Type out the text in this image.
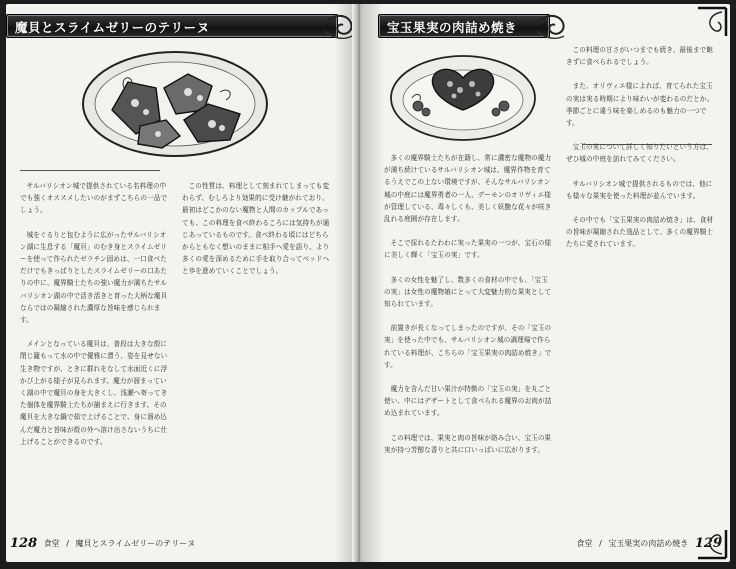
魔貝とスライムゼリーのテリーヌ

サルバリシオン城で提供されている名料理の中でも強くオススメしたいのがまずこちらの一品でしょう。

城をぐるりと包むように広がったサルバリシオン湖に生息する「魔貝」のむき身とスライムゼリーを使って作られたゼラチン固めは、一口食べただけでもきっぱりとしたスライムゼリーの口あたりの中に、魔界騎士たちの強い魔力が満ちたサルバリシオン湖の中で活き活きと育った大柄な魔貝ならではの凝縮された濃厚な旨味を感じられます。

メインとなっている魔貝は、普段は大きな殻に閉じ籠もって水の中で優雅に漂う、姿を見せない生き物ですが、ときに群れをなして水面近くに浮かび上がる様子が見られます。魔力が溜まっていく湖の中で魔貝の身を大きくし、浅瀬へ寄ってきた個体を魔界騎士たちが捕まえに行きます。その魔貝を大きな鍋で茹で上げることで、身に溜め込んだ魔力と旨味が殻の外へ溶け出さないうちに仕上げることができるのです。

この性質は、料理として刻まれてしまっても変わらず、むしろより効果的に受け継がれており、最初はどこかのない魔物と人間のカップルであっても、この料理を食べ終わるころには気持ちが通じあっているものです。食べ終わる頃にはどちらからともなく想いのままに相手へ愛を語り、より多くの愛を深めるために手を取り合ってベッドへと歩を進めていくことでしょう。

128 食堂 / 魔貝とスライムゼリーのテリーヌ
宝玉果実の肉詰め焼き

多くの魔界騎士たちが在籍し、常に濃密な魔物の魔力が満ち続けているサルバリシオン城は、魔界作物を育てるうえでこの上ない環境ですが、そんなサルバリシオン城の中庭には魔界勇者の一人、デーモンのオリヴィエ様が管理している、毒々しくも、美しく妖艶な花々が咲き乱れる庭園が存在します。

そこで採れるたわわに実った果実の一つが、宝石の様に美しく輝く「宝玉の実」です。

多くの女性を魅了し、数多くの食材の中でも、「宝玉の実」は女性の魔物娘にとって大変魅力的な果実として知られています。

前置きが長くなってしまったのですが、その「宝玉の実」を使った中でも、サルバリシオン城の調理場で作られている料理が、こちらの「宝玉果実の肉詰め焼き」です。

魔力を含んだ甘い果汁が特徴の「宝玉の実」を丸ごと使い、中にはデザートとして食べられる魔界のお肉が詰め込まれています。

この料理では、果実と肉の旨味が絡み合い、宝玉の果実が持つ芳醇な香りと共に口いっぱいに広がります。

この料理の甘さがいつまでも続き、最後まで飽きずに食べられるでしょう。

また、オリヴィエ様によれば、育てられた宝玉の実は実る時期により味わいが変わるのだとか。季節ごとに違う味を楽しめるのも魅力の一つです。

宝玉の実について詳しく知りたいという方は、ぜひ城の中庭を訪れてみてください。

サルバリシオン城で提供されるものでは、他にも様々な果実を使った料理が並んでいます。

その中でも「宝玉果実の肉詰め焼き」は、食材の旨味が凝縮された逸品として、多くの魔界騎士たちに愛されています。

食堂 / 宝玉果実の肉詰め焼き 129
